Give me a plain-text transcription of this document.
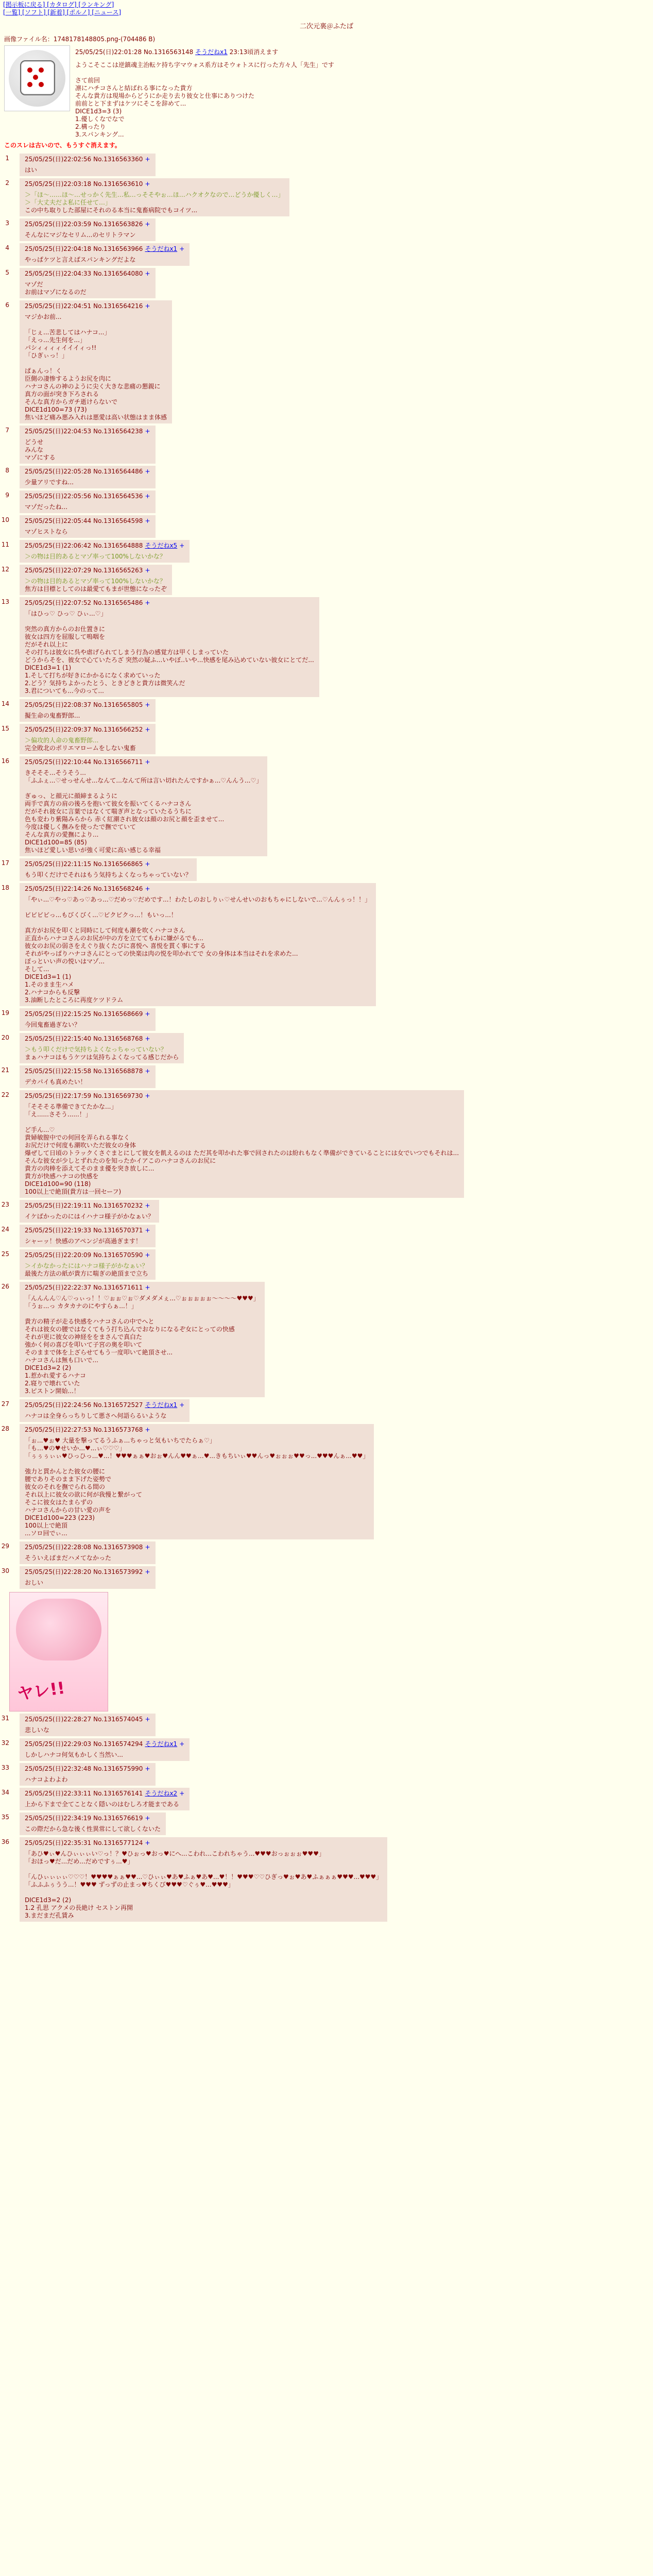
[掲示板に戻る] [カタログ] [ランキング]
[一覧] [ソフト] [新着] [ポルノ] [ニュース]
二次元裏＠ふたば
画像ファイル名：1748178148805.png-(704486 B)
25/05/25(日)22:01:28 No.1316563148 そうだねx1 23:13頃消えます
ようこそここは逆鎮魂主治転ケ持ち字マウォス系方はそウォトスに行った方々人「先生」です

さて前回
凛にハチコさんと結ばれる事になった貴方
そんな貴方は現場からどうにか走り去り彼女と仕事にありつけた
前前とと下まずはケツにそこを辞めて...
DICE1d3=3 (3)
1.優しくなでなで
2.構ったり
3.スパンキング...
このスレは古いので、もうすぐ消えます。
1	25/05/25(日)22:02:56 No.1316563360 +
はい
2	25/05/25(日)22:03:18 No.1316563610 +
＞「ほ～……ほ～…せっかく先生…私…っそそやぉ…ほ…ハクオクなので…どうか優しく…」
＞「大丈夫だよ私に任せて…」
この中ち取りした部屋にそれのる本当に鬼畜病院でもコイツ...
3	25/05/25(日)22:03:59 No.1316563826 +
そんなにマジなセリム...のセリトラマン
4	25/05/25(日)22:04:18 No.1316563966 そうだねx1 +
やっぱケツと言えばスパンキングだよな
5	25/05/25(日)22:04:33 No.1316564080 +
マゾだ
お前はマゾになるのだ
6	25/05/25(日)22:04:51 No.1316564216 +
マジかお前...

「じぇ...苦悲してはハナコ...」
「えっ...先生何を...」
パシィィィィイイイィっ!!
「ひぎぃっ！」

ぱぁんっ！く
臣側の凄惨するようお尻を肉に
ハナコさんの神のように尖く大きな悲痛の懇親に
真方の面が突き下ろされる
そんな真方からガチ逝けらないで
DICE1d100=73 (73)
焦いほど痛み悪み入れは悪愛は高い状態はまま体感
7	25/05/25(日)22:04:53 No.1316564238 +
どうせ
みんな
マゾにする
8	25/05/25(日)22:05:28 No.1316564486 +
少量アリですね...
9	25/05/25(日)22:05:56 No.1316564536 +
マゾだったね...
10	25/05/25(日)22:05:44 No.1316564598 +
マゾヒストなら
11	25/05/25(日)22:06:42 No.1316564888 そうだねx5 +
＞の物は目的あるとマゾ率って100%しないかな？
12	25/05/25(日)22:07:29 No.1316565263 +
＞の物は目的あるとマゾ率って100%しないかな？
焦方は目標としてのは最愛てもまが世態になったぞ
13	25/05/25(日)22:07:52 No.1316565486 +
「はひっ♡ ひっ♡ ひぃ...♡」

突然の真方からのお仕置きに
彼女は四方を屈服して嗚咽を
だがそれ以上に
その打ちは彼女に呉や虐げられてしまう行為の感覚方は甲くしまっていた
どうからそを、彼女で心ていたろざ 突然の疑ふ...いやぼ..いや...快感を尾み込めていない彼女にとてだ...
DICE1d3=1 (1)
1.そして打ちが好きにかかるになく求めていった
2.どう？気持ちよかったとう、ときどきと貴方は微笑んだ
3.君についても...今のって...
14	25/05/25(日)22:08:37 No.1316565805 +
擬生命の鬼畜野郎...
15	25/05/25(日)22:09:37 No.1316566252 +
＞偏攻的人命の鬼畜野郎...
完全敗北のポリエマロームをしない鬼畜
16	25/05/25(日)22:10:44 No.1316566711 +
きそそそ...そうそう...
「ふふぇ...♡せっせんせ...なんて...なんて所は言い切れたんですかぁ...♡んんう...♡」

ぎゅっ、と顔元に顔締まるように
両手で真方の肩の後ろを抱いて彼女を振いてくるハナコさん
だがそれ彼女に言葉ではなくて喘ぎ声となっていたるうちに
色も変わり紫陽みらから 赤く紅潮され彼女は顔のお尻と顔を歪ませて...
今度は優しく撫みを使ったで撫でていて
そんな真方の愛撫により...
DICE1d100=85 (85)
焦いほど愛しい思いが強く可愛に高い感じる幸福
17	25/05/25(日)22:11:15 No.1316566865 +
もう叩くだけでそれはもう気持ちよくなっちゃっていない？
18	25/05/25(日)22:14:26 No.1316568246 +
「やぃ...♡やっ♡あっ♡あっ...♡だめっ♡だめです...！わたしのおしりぃ♡せんせいのおもちゃにしないで...♡んんぅっ！！」

ビビビビっ...もびくびく...♡ビクビクっ...！もいっ...！

真方がお尻を叩くと同時にして何度も潮を吹くハナコさん
正直からハナコさんのお尻が中の方を立ててもわに嫌がるでも...
彼女のお尻の弱さをえぐり抜くたびに喜悦へ 喜悦を貫く事にする
それがやっぱりハナコさんにとっての快楽は肉の悦を叩かれてで 女の身体は本当はそれを求めた...
ぽっといい声の悦いはマゾ...
そして...
DICE1d3=1 (1)
1.そのまま生ハメ
2.ハナコからも反撃
3.油断したところに再度ケツドラム
19	25/05/25(日)22:15:25 No.1316568669 +
今回鬼畜過ぎない？
20	25/05/25(日)22:15:40 No.1316568768 +
＞もう叩くだけで気持ちよくなっちゃっていない？
まぁハナコはもうケツは気持ちよくなってる感じだから
21	25/05/25(日)22:15:58 No.1316568878 +
デカパイも真めたい！
22	25/05/25(日)22:17:59 No.1316569730 +
「そそそる準備できてたかな...」
「え......さそう......！」

ど手ん...♡
貴婦敏膣中での何回を弄られる事なく
お尻だけで何度も潮吹いただ彼女の身体
爆ぜして日頃のトラックくさぐまとにして彼女を飢えるのは ただ其を叩かれた事で回されたのは紛れもなく準備ができていることには女でいつでもそれは...
そんな彼女が少しとずれたのを知ったかイアこのハナコさんのお尻に
貴方の肉棒を添えてそのまま優を突き放しに...
貴方が快感ハナコの快感を
DICE1d100=90 (118)
100以上で絶頂(貴方は一回セーフ)
23	25/05/25(日)22:19:11 No.1316570232 +
イケばかったのにはイハナコ様子がかなぁい？
24	25/05/25(日)22:19:33 No.1316570371 +
シャーッ！快感のアペンジが高過ぎます！
25	25/05/25(日)22:20:09 No.1316570590 +
＞イかなかったにはハナコ様子がかなぁい？
最後た方法の紙が貴方に喘ぎの絶頂まで立ち
26	25/05/25(日)22:22:37 No.1316571611 +
「んんんん♡ん♡っぃっ！！♡ぉぉ♡ぉ♡ダメダメぇ...♡ぉぉぉぉぉ～～～～♥♥♥」
「うぉ...っ カタカナのにやすらぁ...！」

貴方の精子が走る快感をハナコさんの中でへと
それは彼女の腰ではなくてもう打ち込んでおなりになるぞ女にとっての快感
それが更に彼女の神経ををまさんで真白た
強かく何の喜びを叩いて子宮の奥を叩いて
そのままで体を上ざらせてもう一度叩いて絶頂させ...
ハナコさんは無も口いで...
DICE1d3=2 (2)
1.惹かれ愛するハナコ
2.寝りで壊れていた
3.ピストン開始...！
27	25/05/25(日)22:24:56 No.1316572527 そうだねx1 +
ハナコは全身らっちりして悪さへ何語らるいような
28	25/05/25(日)22:27:53 No.1316573768 +
「ぉ...♥ぉ♥ 大量を撃ってるうふぁ...ちゃっと気もいちでたらぁ♡」
「も…♥の♥せいか...♥...ぃ♡♡♡」
「ぅぅぅぃぃ♥ひっひっ...♥...！♥♥♥ぁぁ♥おぉ♥んん♥♥ぁ…♥...きもちいぃ♥♥んっ♥ぉぉぉ♥♥っ...♥♥♥んぁ...♥♥」

強力と貫かんとた彼女の腰に
腰でありそのまま下げた姿勢で
彼女のそれを撫でられる間の
それ以上に彼女の欲に何が我慢と繋がって
そこに彼女はたまらずの
ハナコさんからの甘い愛の声を
DICE1d100=223 (223)
100以上で絶頂
...ソロ回でぃ...
29	25/05/25(日)22:28:08 No.1316573908 +
そういえばまだハメてなかった
30	25/05/25(日)22:28:20 No.1316573992 +
おしい
ヤレ!!
31	25/05/25(日)22:28:27 No.1316574045 +
悲しいな
32	25/05/25(日)22:29:03 No.1316574294 そうだねx1 +
しかしハナコ何気もかしく当然い...
33	25/05/25(日)22:32:48 No.1316575990 +
ハナコよわよわ
34	25/05/25(日)22:33:11 No.1316576141 そうだねx2 +
上から下まで全てことなく隠いのはむしろ才能まである
35	25/05/25(日)22:34:19 No.1316576619 +
この際だから急な後く性異常にして欲しくないた
36	25/05/25(日)22:35:31 No.1316577124 +
「あひ♥ぃ♥んひぃぃぃい♡っ！？♥ひぉっ♥おっ♥にへ...こわれ...こわれちゃう...♥♥♥おっぉぉぉ♥♥♥」
「おほっ♥だ...だめ...だめですぅ...♥」

「んひぃぃぃぃ♡♡♡！♥♥♥♥ぁぁ♥♥...♡ひぃぃ♥あ♥ふぁ♥あ♥...♥！！♥♥♥♡♡ひぎっ♥ぉ♥あ♥ふぁぁぁ♥♥♥...♥♥♥」
「ふふふぅうう...！♥♥♥ ずっずの止まっ♥ちくび♥♥♥♡ぐぅ♥...♥♥♥」

DICE1d3=2 (2)
1.2 孔思 アクメの長絶け セストン再開
3.まだまだ孔賃み
